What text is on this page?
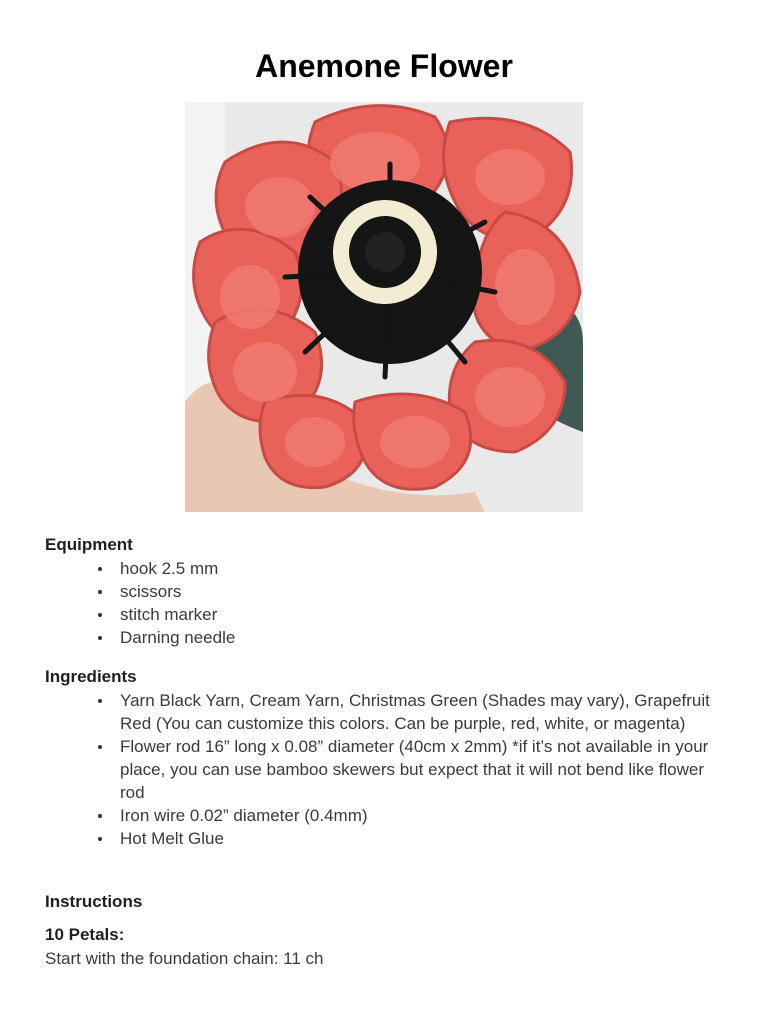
Anemone Flower
Equipment
hook 2.5 mm
scissors
stitch marker
Darning needle
Ingredients
Yarn Black Yarn, Cream Yarn, Christmas Green (Shades may vary), Grapefruit Red (You can customize this colors. Can be purple, red, white, or magenta)
Flower rod 16” long x 0.08” diameter (40cm x 2mm) *if it’s not available in your place, you can use bamboo skewers but expect that it will not bend like flower rod
Iron wire 0.02” diameter (0.4mm)
Hot Melt Glue
Instructions
10 Petals:

Start with the foundation chain: 11 ch
